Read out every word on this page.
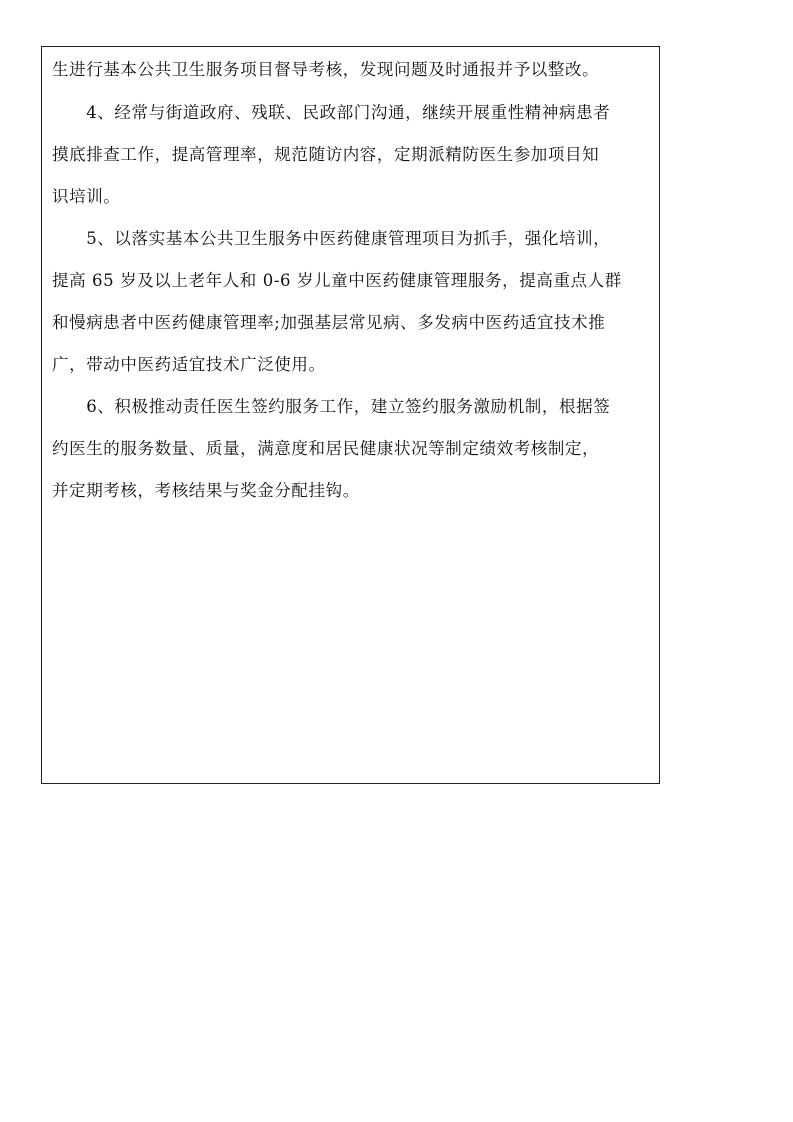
生进行基本公共卫生服务项目督导考核，发现问题及时通报并予以整改。
　　4、经常与街道政府、残联、民政部门沟通，继续开展重性精神病患者
摸底排查工作，提高管理率，规范随访内容，定期派精防医生参加项目知
识培训。
　　5、以落实基本公共卫生服务中医药健康管理项目为抓手，强化培训，
提高 65 岁及以上老年人和 0-6 岁儿童中医药健康管理服务，提高重点人群
和慢病患者中医药健康管理率;加强基层常见病、多发病中医药适宜技术推
广，带动中医药适宜技术广泛使用。
　　6、积极推动责任医生签约服务工作，建立签约服务激励机制，根据签
约医生的服务数量、质量，满意度和居民健康状况等制定绩效考核制定，
并定期考核，考核结果与奖金分配挂钩。
